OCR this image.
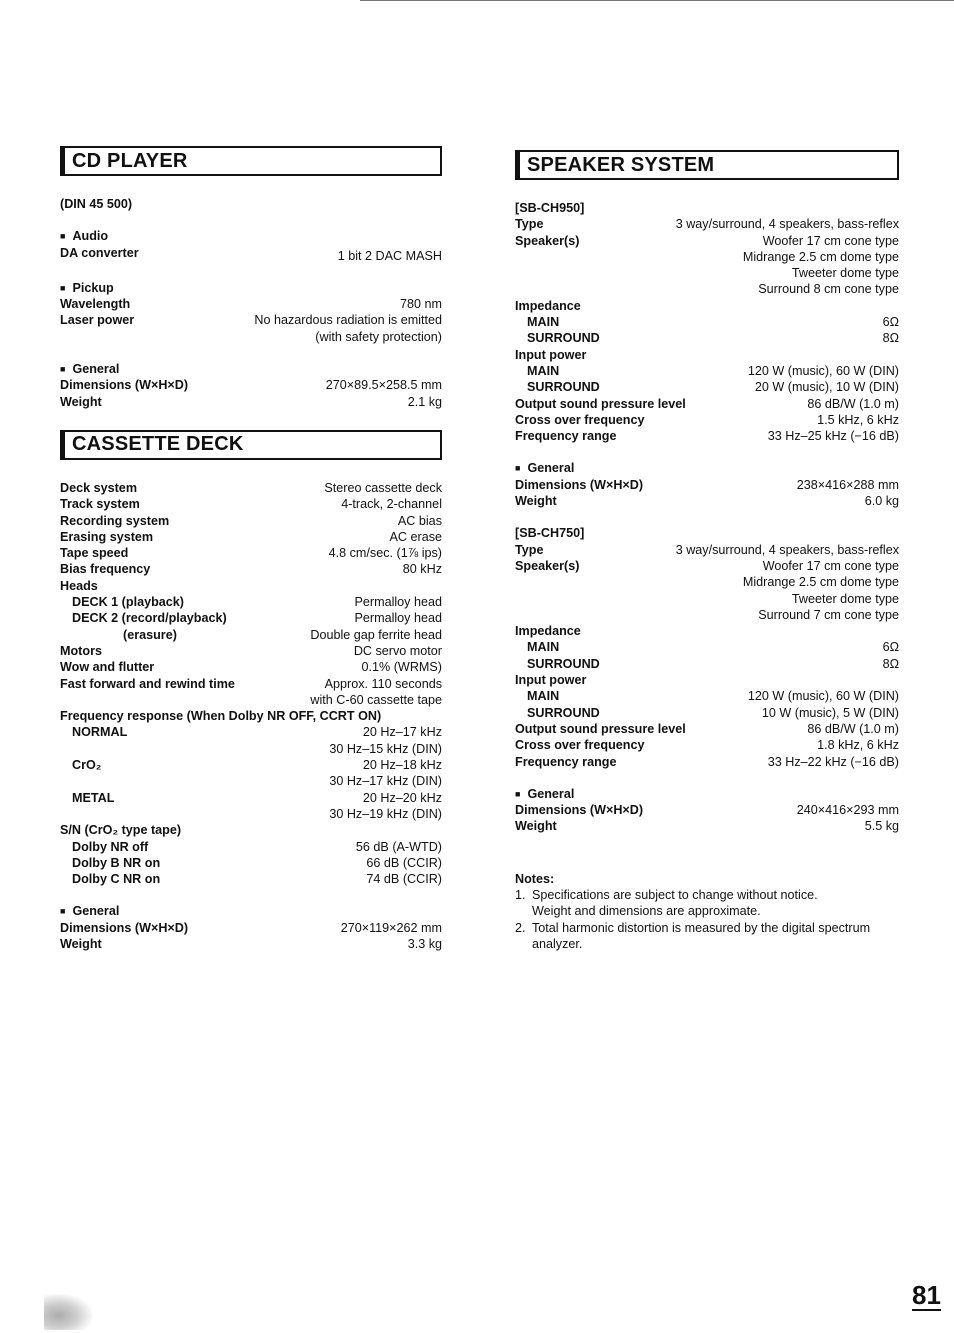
CD PLAYER
(DIN 45 500)
■ Audio
DA converter	1 bit 2 DAC MASH
■ Pickup
Wavelength	780 nm
Laser power	No hazardous radiation is emitted
(with safety protection)
■ General
Dimensions (W×H×D)	270×89.5×258.5 mm
Weight	2.1 kg
CASSETTE DECK
Deck system	Stereo cassette deck
Track system	4-track, 2-channel
Recording system	AC bias
Erasing system	AC erase
Tape speed	4.8 cm/sec. (1⅞ ips)
Bias frequency	80 kHz
Heads
DECK 1 (playback)	Permalloy head
DECK 2 (record/playback)	Permalloy head
(erasure)	Double gap ferrite head
Motors	DC servo motor
Wow and flutter	0.1% (WRMS)
Fast forward and rewind time	Approx. 110 seconds
with C-60 cassette tape
Frequency response (When Dolby NR OFF, CCRT ON)
NORMAL	20 Hz–17 kHz
30 Hz–15 kHz (DIN)
CrO₂	20 Hz–18 kHz
30 Hz–17 kHz (DIN)
METAL	20 Hz–20 kHz
30 Hz–19 kHz (DIN)
S/N (CrO₂ type tape)
Dolby NR off	56 dB (A-WTD)
Dolby B NR on	66 dB (CCIR)
Dolby C NR on	74 dB (CCIR)
■ General
Dimensions (W×H×D)	270×119×262 mm
Weight	3.3 kg
SPEAKER SYSTEM
[SB-CH950]
Type	3 way/surround, 4 speakers, bass-reflex
Speaker(s)	Woofer 17 cm cone type
Midrange 2.5 cm dome type
Tweeter dome type
Surround 8 cm cone type
Impedance
MAIN	6Ω
SURROUND	8Ω
Input power
MAIN	120 W (music), 60 W (DIN)
SURROUND	20 W (music), 10 W (DIN)
Output sound pressure level	86 dB/W (1.0 m)
Cross over frequency	1.5 kHz, 6 kHz
Frequency range	33 Hz–25 kHz (−16 dB)
■ General
Dimensions (W×H×D)	238×416×288 mm
Weight	6.0 kg
[SB-CH750]
Type	3 way/surround, 4 speakers, bass-reflex
Speaker(s)	Woofer 17 cm cone type
Midrange 2.5 cm dome type
Tweeter dome type
Surround 7 cm cone type
Impedance
MAIN	6Ω
SURROUND	8Ω
Input power
MAIN	120 W (music), 60 W (DIN)
SURROUND	10 W (music), 5 W (DIN)
Output sound pressure level	86 dB/W (1.0 m)
Cross over frequency	1.8 kHz, 6 kHz
Frequency range	33 Hz–22 kHz (−16 dB)
■ General
Dimensions (W×H×D)	240×416×293 mm
Weight	5.5 kg
Notes:
1. Specifications are subject to change without notice.
Weight and dimensions are approximate.
2. Total harmonic distortion is measured by the digital spectrum
analyzer.
81
